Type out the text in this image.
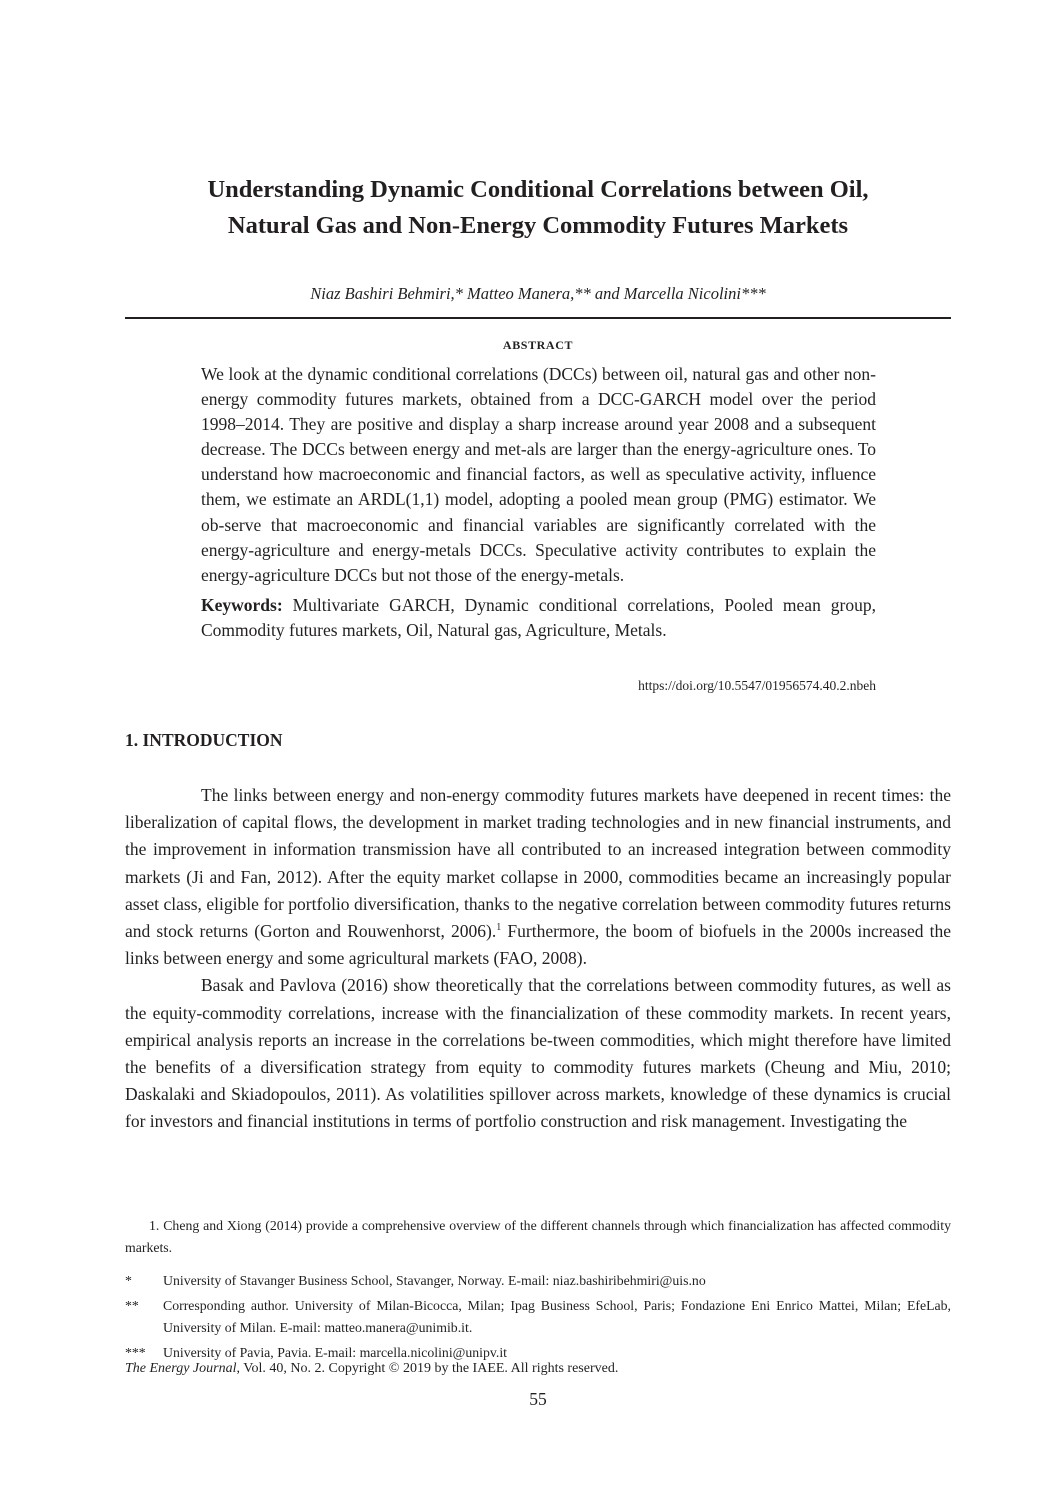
Understanding Dynamic Conditional Correlations between Oil,
Natural Gas and Non-Energy Commodity Futures Markets
Niaz Bashiri Behmiri,* Matteo Manera,** and Marcella Nicolini***
ABSTRACT

We look at the dynamic conditional correlations (DCCs) between oil, natural gas and other non-energy commodity futures markets, obtained from a DCC-GARCH model over the period 1998–2014. They are positive and display a sharp increase around year 2008 and a subsequent decrease. The DCCs between energy and met-als are larger than the energy-agriculture ones. To understand how macroeconomic and financial factors, as well as speculative activity, influence them, we estimate an ARDL(1,1) model, adopting a pooled mean group (PMG) estimator. We ob-serve that macroeconomic and financial variables are significantly correlated with the energy-agriculture and energy-metals DCCs. Speculative activity contributes to explain the energy-agriculture DCCs but not those of the energy-metals.

Keywords: Multivariate GARCH, Dynamic conditional correlations, Pooled mean group, Commodity futures markets, Oil, Natural gas, Agriculture, Metals.

https://doi.org/10.5547/01956574.40.2.nbeh
1. INTRODUCTION

The links between energy and non-energy commodity futures markets have deepened in recent times: the liberalization of capital flows, the development in market trading technologies and in new financial instruments, and the improvement in information transmission have all contributed to an increased integration between commodity markets (Ji and Fan, 2012). After the equity market collapse in 2000, commodities became an increasingly popular asset class, eligible for portfolio diversification, thanks to the negative correlation between commodity futures returns and stock returns (Gorton and Rouwenhorst, 2006).$^1$ Furthermore, the boom of biofuels in the 2000s increased the links between energy and some agricultural markets (FAO, 2008).

Basak and Pavlova (2016) show theoretically that the correlations between commodity futures, as well as the equity-commodity correlations, increase with the financialization of these commodity markets. In recent years, empirical analysis reports an increase in the correlations be-tween commodities, which might therefore have limited the benefits of a diversification strategy from equity to commodity futures markets (Cheung and Miu, 2010; Daskalaki and Skiadopoulos, 2011). As volatilities spillover across markets, knowledge of these dynamics is crucial for investors and financial institutions in terms of portfolio construction and risk management. Investigating the

1. Cheng and Xiong (2014) provide a comprehensive overview of the different channels through which financialization has affected commodity markets.

*	University of Stavanger Business School, Stavanger, Norway. E-mail: niaz.bashiribehmiri@uis.no
**	Corresponding author. University of Milan-Bicocca, Milan; Ipag Business School, Paris; Fondazione Eni Enrico Mattei, Milan; EfeLab, University of Milan. E-mail: matteo.manera@unimib.it.
***	University of Pavia, Pavia. E-mail: marcella.nicolini@unipv.it
The Energy Journal, Vol. 40, No. 2. Copyright © 2019 by the IAEE. All rights reserved.
55
